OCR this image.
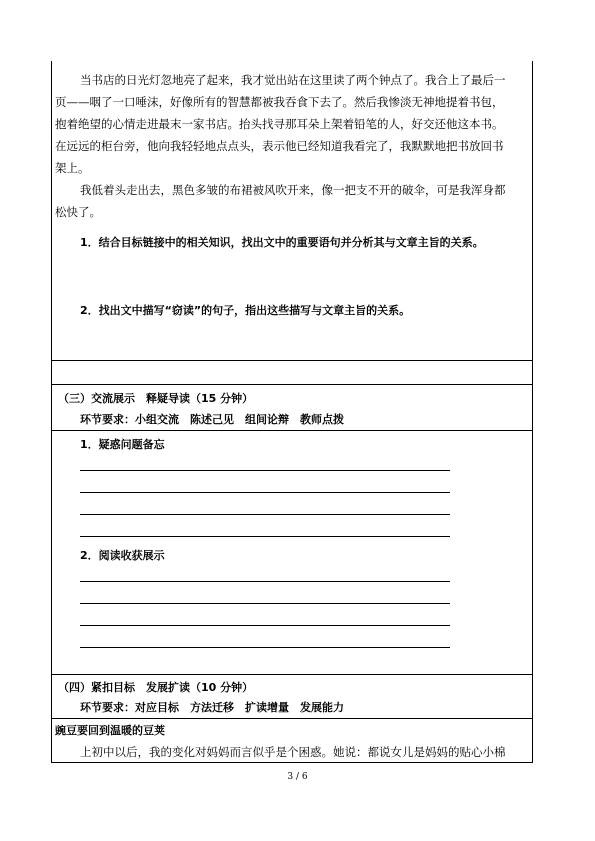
当书店的日光灯忽地亮了起来，我才觉出站在这里读了两个钟点了。我合上了最后一
页——咽了一口唾沫，好像所有的智慧都被我吞食下去了。然后我惨淡无神地提着书包，
抱着绝望的心情走进最末一家书店。抬头找寻那耳朵上架着铅笔的人，好交还他这本书。
在远远的柜台旁，他向我轻轻地点点头，表示他已经知道我看完了，我默默地把书放回书
架上。
我低着头走出去，黑色多皱的布裙被风吹开来，像一把支不开的破伞，可是我浑身都
松快了。
1．结合目标链接中的相关知识，找出文中的重要语句并分析其与文章主旨的关系。
2．找出文中描写“窃读”的句子，指出这些描写与文章主旨的关系。
（三）交流展示　释疑导读（15 分钟）
环节要求：小组交流　陈述己见　组间论辩　教师点拨
1．疑惑问题备忘
2．阅读收获展示
（四）紧扣目标　发展扩读（10 分钟）
环节要求：对应目标　方法迁移　扩读增量　发展能力
豌豆要回到温暖的豆荚
上初中以后，我的变化对妈妈而言似乎是个困惑。她说：都说女儿是妈妈的贴心小棉
3 / 6
